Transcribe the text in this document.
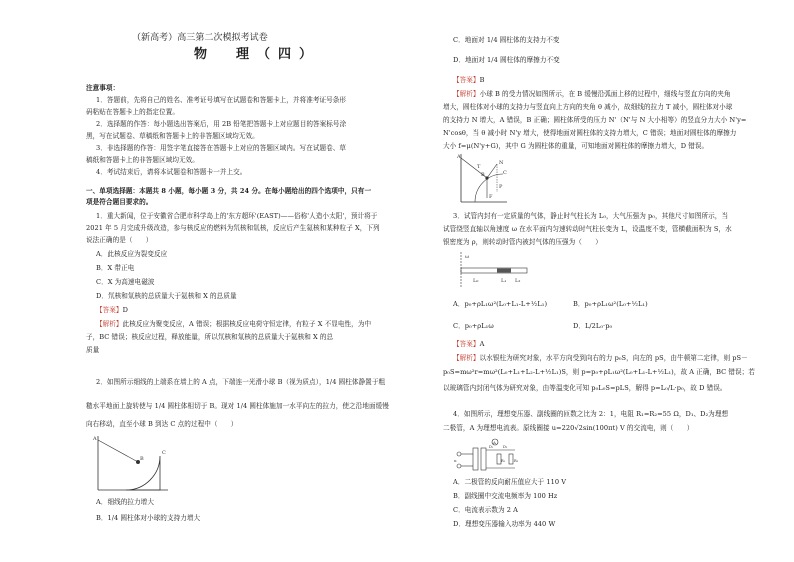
（新高考）高三第二次模拟考试卷
物　理（四）
注意事项：
1．答题前，先将自己的姓名、准考证号填写在试题卷和答题卡上，并将准考证号条形
码粘贴在答题卡上的指定位置。
2．选择题的作答：每小题选出答案后，用 2B 铅笔把答题卡上对应题目的答案标号涂
黑，写在试题卷、草稿纸和答题卡上的非答题区域均无效。
3．非选择题的作答：用签字笔直接答在答题卡上对应的答题区域内。写在试题卷、草
稿纸和答题卡上的非答题区域均无效。
4．考试结束后，请将本试题卷和答题卡一并上交。
一、单项选择题：本题共 8 小题，每小题 3 分，共 24 分。在每小题给出的四个选项中，只有一
项是符合题目要求的。
1．重大新闻，位于安徽省合肥市科学岛上的'东方超环'(EAST)——俗称'人造小太阳'，预计将于
2021 年 5 月完成升级改造，参与核反应的燃料为氘核和氚核，反应后产生氦核和某种粒子 X，下列
说法正确的是（　　）
A．此核反应为裂变反应
B．X 带正电
C．X 为高速电磁波
D．氘核和氚核的总质量大于氦核和 X 的总质量
【答案】D
【解析】此核反应为聚变反应，A 错误；根据核反应电荷守恒定律，有粒子 X 不显电性，为中
子，BC 错误；核反应过程，释放能量，所以氘核和氚核的总质量大于氦核和 X 的总
质量
2．如图所示细线的上端系在墙上的 A 点，下端连一光滑小球 B（视为质点），1/4 圆柱体静置于粗
糙水平地面上旋转使与 1/4 圆柱体相切于 B。现对 1/4 圆柱体施加一水平向左的拉力，使之沿地面缓慢
向右移动，直至小球 B 到达 C 点的过程中（　　）
A
B
C
A．细线的拉力增大
B．1/4 圆柱体对小球的支持力增大
C．地面对 1/4 圆柱体的支持力不变
D．地面对 1/4 圆柱体的摩擦力不变
【答案】B
【解析】小球 B 的受力情况如图所示，在 B 缓慢沿弧面上移的过程中，细线与竖直方向的夹角
增大，圆柱体对小球的支持力与竖直向上方向的夹角 θ 减小，故细线的拉力 T 减小，圆柱体对小球
的支持力 N 增大，A 错误，B 正确；圆柱体所受的压力 N'（N'与 N 大小相等）的竖直分力大小 N'y=
N'cosθ，当 θ 减小时 N'y 增大，使得地面对圆柱体的支持力增大，C 错误；地面对圆柱体的摩擦力
大小 f=μ(N'y+G)，其中 G 为圆柱体的重量，可知地面对圆柱体的摩擦力增大，D 错误。
A
T
B
N
C
P
F
3．试管内封有一定质量的气体，静止时气柱长为 L₀，大气压强为 p₀，其他尺寸如图所示，当
试管绕竖直轴以角速度 ω 在水平面内匀速转动时气柱长变为 L，设温度不变，管横截面积为 S，水
银密度为 ρ，则转动时管内被封气体的压强为（　　）
ω
L₀	L₁ L₂
A．p₀+ρL₁ω²(L₀+L₁-L+½L₁)	B．p₀+ρL₁ω²(L₀+½L₁)
C．p₀+ρL₁ω	D．L/2L₀·p₀
【答案】A
【解析】以水银柱为研究对象，水平方向受到向右的力 p₀S，向左的 pS，由牛顿第二定律，则 pS－
p₀S=mω²r=mω²(L₀+L₁+L₂-L+½L₁)S，则 p=p₀+ρL₁ω²(L₀+L₁-L+½L₁)，故 A 正确，BC 错误；若
以玻璃管内封闭气体为研究对象，由等温变化可知 p₀L₀S=pLS，解得 p=L₀/L·p₀，故 D 错误。
4．如图所示，理想变压器、副线圈的匝数之比为 2：1，电阻 R₁=R₂=55 Ω，D₁、D₂为理想
二极管，A 为理想电流表。原线圈接 u=220√2sin(100πt) V 的交流电，则（　　）
u
A
R₁ R₂
D₁	D₂
A．二极管的反向耐压值应大于 110 V
B．副线圈中交流电频率为 100 Hz
C．电流表示数为 2 A
D．理想变压器输入功率为 440 W
